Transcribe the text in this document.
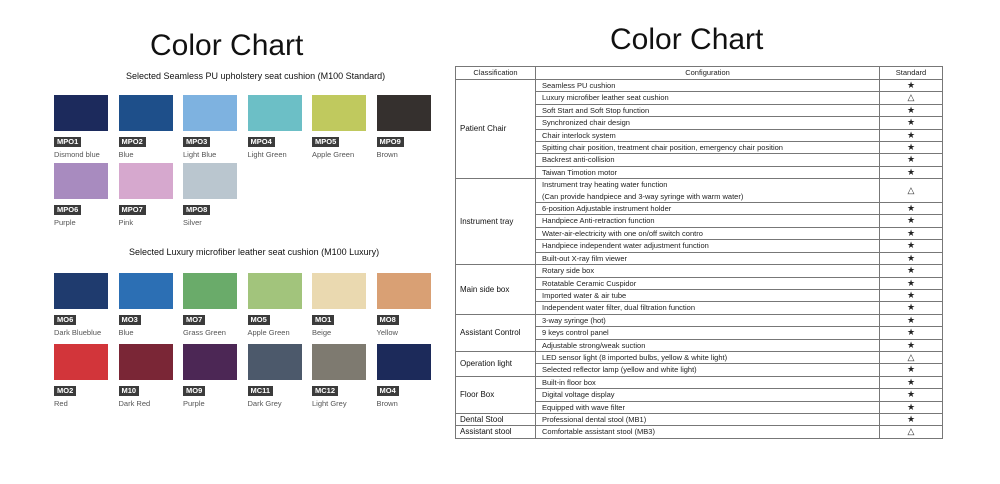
Color Chart
Selected Seamless PU upholstery seat cushion (M100 Standard)
MPO1
Dismond blue
MPO2
Blue
MPO3
Light Blue
MPO4
Light Green
MPO5
Apple Green
MPO9
Brown
MPO6
Purple
MPO7
Pink
MPO8
Silver
Selected Luxury microfiber leather seat cushion (M100 Luxury)
MO6
Dark Blueblue
MO3
Blue
MO7
Grass Green
MO5
Apple Green
MO1
Beige
MO8
Yellow
MO2
Red
M10
Dark Red
MO9
Purple
MC11
Dark Grey
MC12
Light Grey
MO4
Brown
Color Chart
Classification	Configuration	Standard
Patient Chair	Seamless PU cushion	★

	Luxury microfiber leather seat cushion	△

	Soft Start and Soft Stop function	★

	Synchronized chair design	★

	Chair interlock system	★

	Spitting chair position, treatment chair position, emergency chair position	★

	Backrest anti-collision	★

	Taiwan Timotion motor	★
Instrument tray	Instrument tray heating water function
(Can provide handpiece and 3-way syringe with warm water)	△

	6-position Adjustable instrument holder	★

	Handpiece Anti-retraction function	★

	Water-air-electricity with one on/off switch contro	★

	Handpiece independent water adjustment function	★

	Built-out X-ray film viewer	★
Main side box	Rotary side box	★

	Rotatable Ceramic Cuspidor	★

	Imported water & air tube	★

	Independent water filter, dual filtration function	★
Assistant Control	3-way syringe (hot)	★

	9 keys control panel	★

	Adjustable strong/weak suction	★
Operation light	LED sensor light (8 imported bulbs, yellow & white light)	△

	Selected reflector lamp (yellow and white light)	★
Floor Box	Built-in floor box	★

	Digital voltage display	★

	Equipped with wave filter	★
Dental Stool	Professional dental stool (MB1)	★
Assistant stool	Comfortable assistant stool (MB3)	△
